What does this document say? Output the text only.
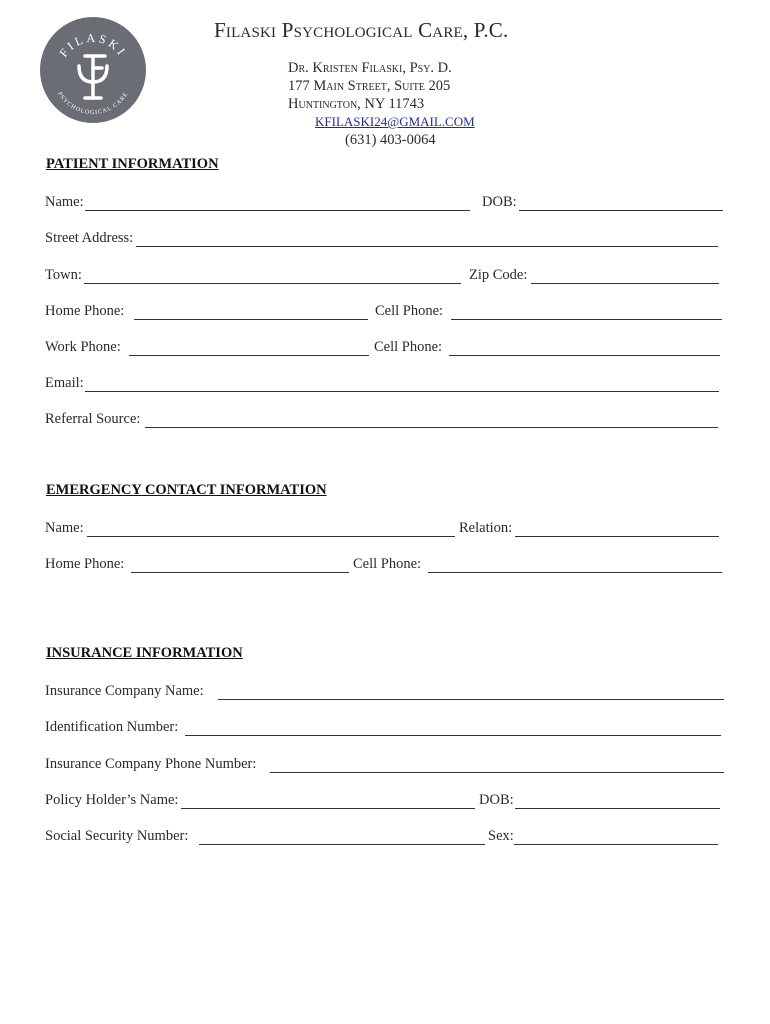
FILASKI
PSYCHOLOGICAL CARE
Filaski Psychological Care, P.C.
Dr. Kristen Filaski, Psy. D.
177 Main Street, Suite 205
Huntington, NY 11743
KFILASKI24@GMAIL.COM
(631) 403-0064
PATIENT INFORMATION
Name:	DOB:
Street Address:
Town:	Zip Code:
Home Phone:	Cell Phone:
Work Phone:	Cell Phone:
Email:
Referral Source:
EMERGENCY CONTACT INFORMATION
Name:	Relation:
Home Phone:	Cell Phone:
INSURANCE INFORMATION
Insurance Company Name:
Identification Number:
Insurance Company Phone Number:
Policy Holder’s Name:	DOB:
Social Security Number:	Sex:
